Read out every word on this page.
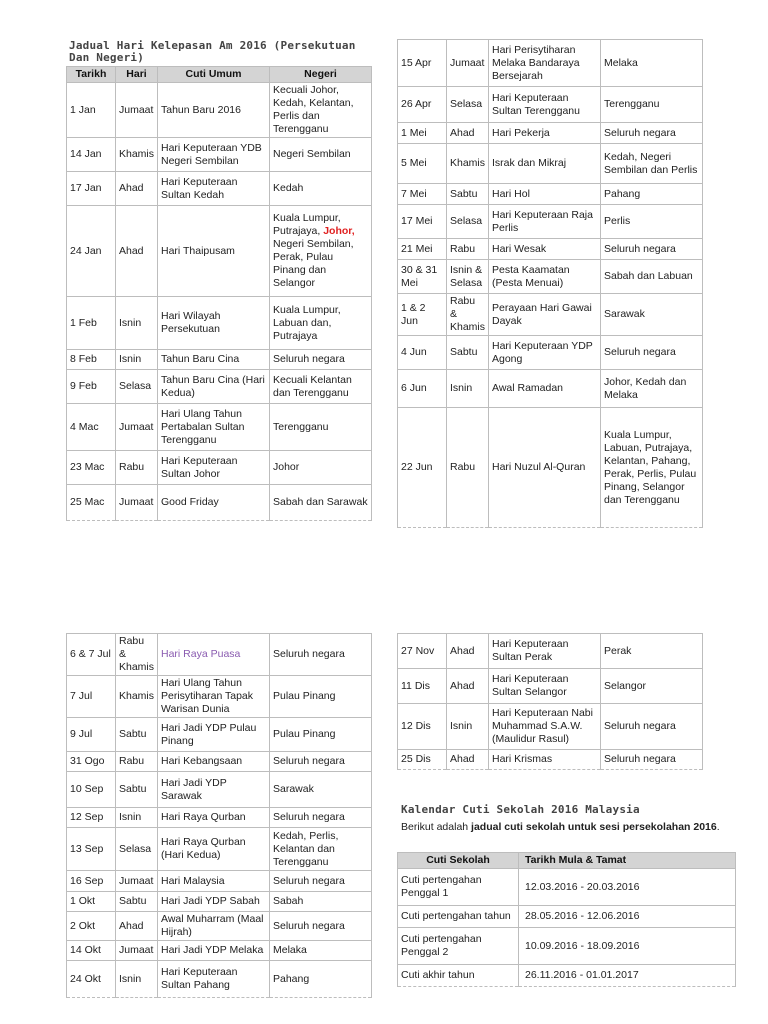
Jadual Hari Kelepasan Am 2016 (Persekutuan Dan Negeri)
Tarikh	Hari	Cuti Umum	Negeri
1 Jan	Jumaat	Tahun Baru 2016	Kecuali Johor, Kedah, Kelantan, Perlis dan Terengganu
14 Jan	Khamis	Hari Keputeraan YDB Negeri Sembilan	Negeri Sembilan
17 Jan	Ahad	Hari Keputeraan Sultan Kedah	Kedah
24 Jan	Ahad	Hari Thaipusam	Kuala Lumpur, Putrajaya, Johor, Negeri Sembilan, Perak, Pulau Pinang dan Selangor
1 Feb	Isnin	Hari Wilayah Persekutuan	Kuala Lumpur, Labuan dan, Putrajaya
8 Feb	Isnin	Tahun Baru Cina	Seluruh negara
9 Feb	Selasa	Tahun Baru Cina (Hari Kedua)	Kecuali Kelantan dan Terengganu
4 Mac	Jumaat	Hari Ulang Tahun Pertabalan Sultan Terengganu	Terengganu
23 Mac	Rabu	Hari Keputeraan Sultan Johor	Johor
25 Mac	Jumaat	Good Friday	Sabah dan Sarawak
15 Apr	Jumaat	Hari Perisytiharan Melaka Bandaraya Bersejarah	Melaka
26 Apr	Selasa	Hari Keputeraan Sultan Terengganu	Terengganu
1 Mei	Ahad	Hari Pekerja	Seluruh negara
5 Mei	Khamis	Israk dan Mikraj	Kedah, Negeri Sembilan dan Perlis
7 Mei	Sabtu	Hari Hol	Pahang
17 Mei	Selasa	Hari Keputeraan Raja Perlis	Perlis
21 Mei	Rabu	Hari Wesak	Seluruh negara
30 & 31 Mei	Isnin & Selasa	Pesta Kaamatan (Pesta Menuai)	Sabah dan Labuan
1 & 2 Jun	Rabu & Khamis	Perayaan Hari Gawai Dayak	Sarawak
4 Jun	Sabtu	Hari Keputeraan YDP Agong	Seluruh negara
6 Jun	Isnin	Awal Ramadan	Johor, Kedah dan Melaka
22 Jun	Rabu	Hari Nuzul Al-Quran	Kuala Lumpur, Labuan, Putrajaya, Kelantan, Pahang, Perak, Perlis, Pulau Pinang, Selangor dan Terengganu
6 & 7 Jul	Rabu & Khamis	Hari Raya Puasa	Seluruh negara
7 Jul	Khamis	Hari Ulang Tahun Perisytiharan Tapak Warisan Dunia	Pulau Pinang
9 Jul	Sabtu	Hari Jadi YDP Pulau Pinang	Pulau Pinang
31 Ogo	Rabu	Hari Kebangsaan	Seluruh negara
10 Sep	Sabtu	Hari Jadi YDP Sarawak	Sarawak
12 Sep	Isnin	Hari Raya Qurban	Seluruh negara
13 Sep	Selasa	Hari Raya Qurban (Hari Kedua)	Kedah, Perlis, Kelantan dan Terengganu
16 Sep	Jumaat	Hari Malaysia	Seluruh negara
1 Okt	Sabtu	Hari Jadi YDP Sabah	Sabah
2 Okt	Ahad	Awal Muharram (Maal Hijrah)	Seluruh negara
14 Okt	Jumaat	Hari Jadi YDP Melaka	Melaka
24 Okt	Isnin	Hari Keputeraan Sultan Pahang	Pahang
27 Nov	Ahad	Hari Keputeraan Sultan Perak	Perak
11 Dis	Ahad	Hari Keputeraan Sultan Selangor	Selangor
12 Dis	Isnin	Hari Keputeraan Nabi Muhammad S.A.W. (Maulidur Rasul)	Seluruh negara
25 Dis	Ahad	Hari Krismas	Seluruh negara
Kalendar Cuti Sekolah 2016 Malaysia
Berikut adalah jadual cuti sekolah untuk sesi persekolahan 2016.
Cuti Sekolah	Tarikh Mula & Tamat
Cuti pertengahan Penggal 1	12.03.2016 - 20.03.2016
Cuti pertengahan tahun	28.05.2016 - 12.06.2016
Cuti pertengahan Penggal 2	10.09.2016 - 18.09.2016
Cuti akhir tahun	26.11.2016 - 01.01.2017
